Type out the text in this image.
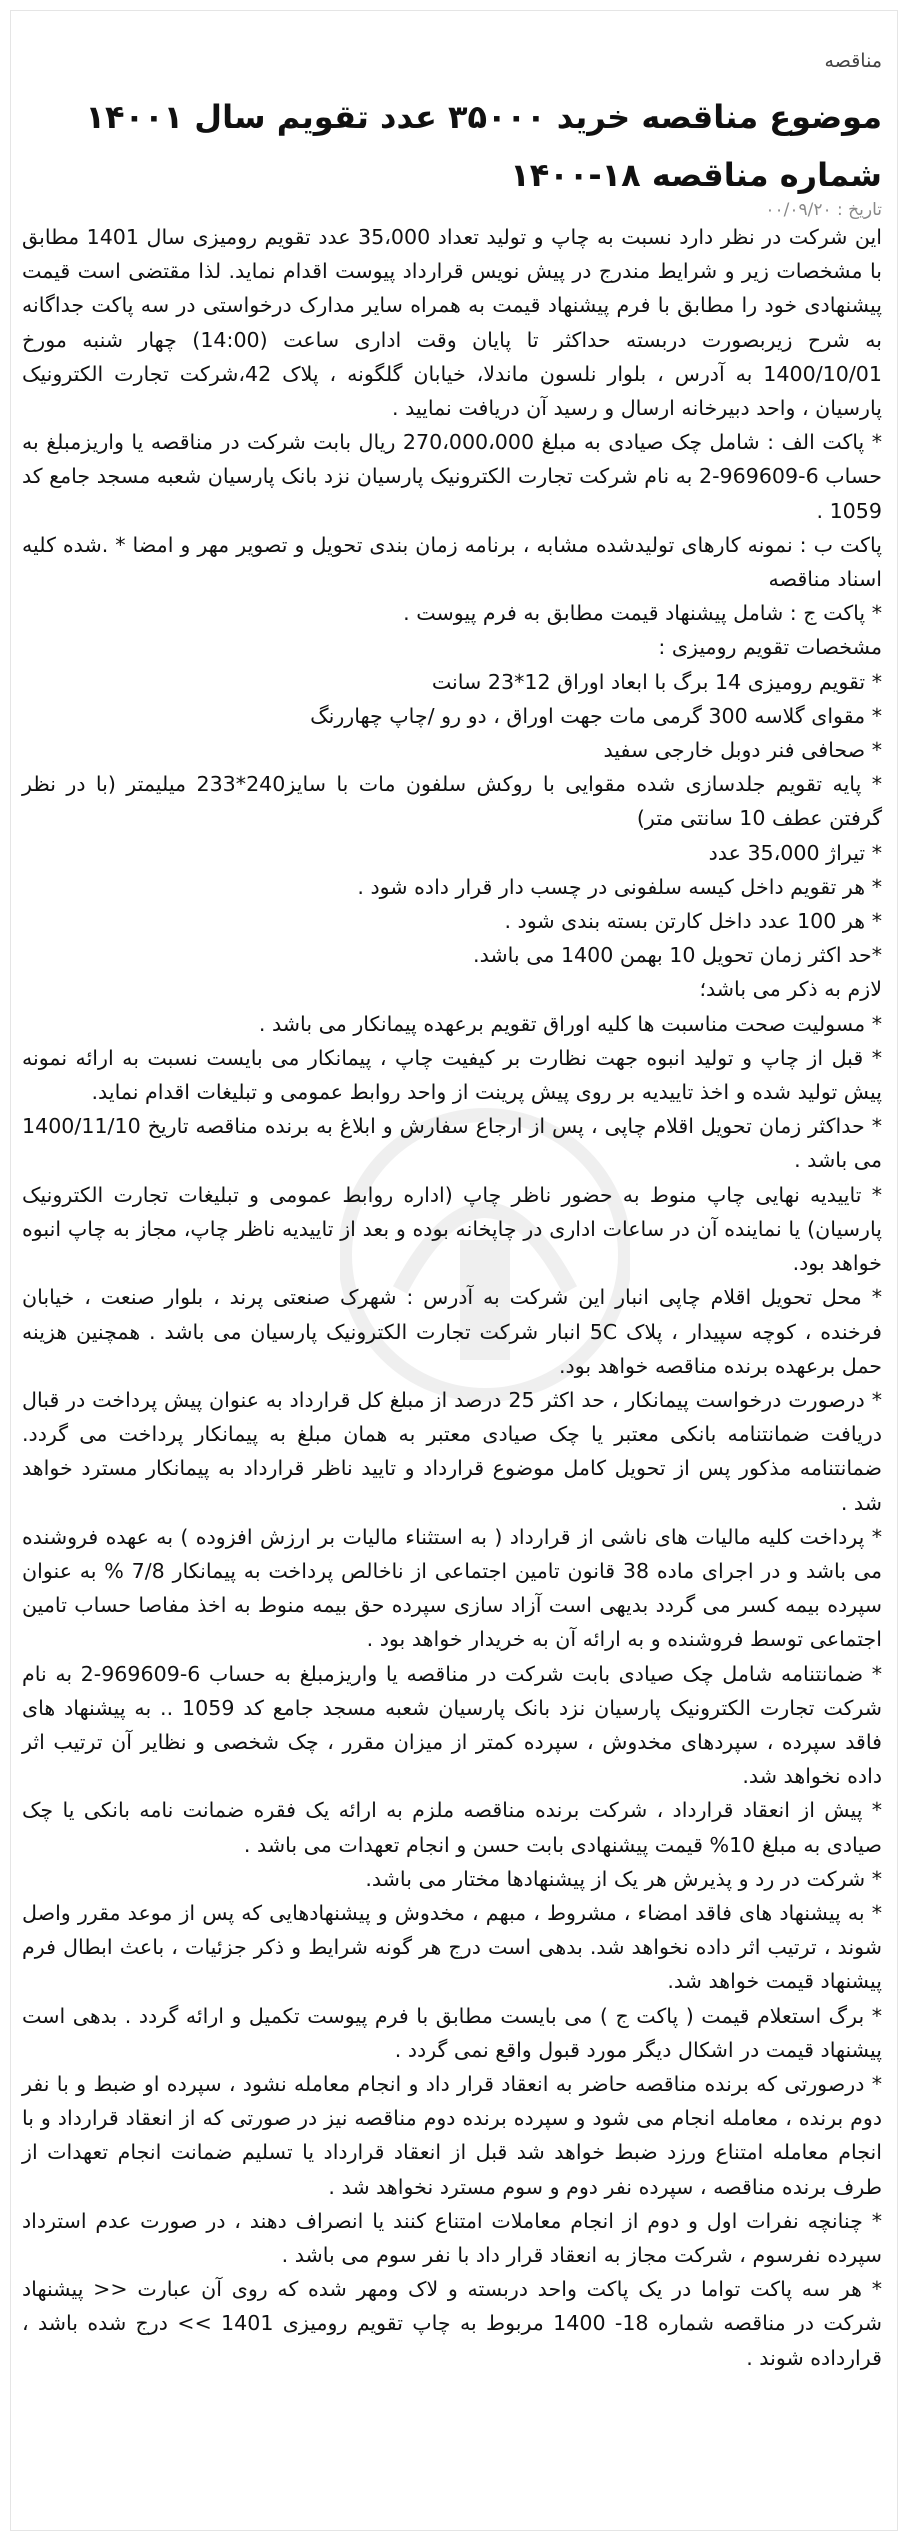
مناقصه
موضوع مناقصه خرید ۳۵۰۰۰ عدد تقویم سال ۱۴۰۰۱ شماره مناقصه ۱۸-۱۴۰۰
تاریخ : ۰۰/۰۹/۲۰

این شرکت در نظر دارد نسبت به چاپ و تولید تعداد 35،000 عدد تقویم رومیزی سال 1401 مطابق با مشخصات زیر و شرایط مندرج در پیش نویس قرارداد پیوست اقدام نماید. لذا مقتضی است قیمت پیشنهادی خود را مطابق با فرم پیشنهاد قیمت به همراه سایر مدارک درخواستی در سه پاکت جداگانه به شرح زیربصورت دربسته حداکثر تا پایان وقت اداری ساعت (14:00) چهار شنبه مورخ 1400/10/01 به آدرس ، بلوار نلسون ماندلا، خیابان گلگونه ، پلاک 42،شرکت تجارت الکترونیک پارسیان ، واحد دبیرخانه ارسال و رسید آن دریافت نمایید .

* پاکت الف : شامل چک صیادی به مبلغ 270،000،000 ریال بابت شرکت در مناقصه یا واریزمبلغ به حساب 6-969609-2 به نام شرکت تجارت الکترونیک پارسیان نزد بانک پارسیان شعبه مسجد جامع کد 1059 .

پاکت ب : نمونه کارهای تولیدشده مشابه ، برنامه زمان بندی تحویل و تصویر مهر و امضا * .شده کلیه اسناد مناقصه

* پاکت ج : شامل پیشنهاد قیمت مطابق به فرم پیوست .

مشخصات تقویم رومیزی :

* تقویم رومیزی 14 برگ با ابعاد اوراق 12*23 سانت

* مقوای گلاسه 300 گرمی مات جهت اوراق ، دو رو /چاپ چهاررنگ

* صحافی فنر دوبل خارجی سفید

* پایه تقویم جلدسازی شده مقوایی با روکش سلفون مات با سایز240*233 میلیمتر (با در نظر گرفتن عطف 10 سانتی متر)

* تیراژ 35،000 عدد

* هر تقویم داخل کیسه سلفونی در چسب دار قرار داده شود .

* هر 100 عدد داخل کارتن بسته بندی شود .

*حد اکثر زمان تحویل 10 بهمن 1400 می باشد.

لازم به ذکر می باشد؛

* مسولیت صحت مناسبت ها کلیه اوراق تقویم برعهده پیمانکار می باشد .

* قبل از چاپ و تولید انبوه جهت نظارت بر کیفیت چاپ ، پیمانکار می بایست نسبت به ارائه نمونه پیش تولید شده و اخذ تاییدیه بر روی پیش پرینت از واحد روابط عمومی و تبلیغات اقدام نماید.

* حداکثر زمان تحویل اقلام چاپی ، پس از ارجاع سفارش و ابلاغ به برنده مناقصه تاریخ 1400/11/10 می باشد .

* تاییدیه نهایی چاپ منوط به حضور ناظر چاپ (اداره روابط عمومی و تبلیغات تجارت الکترونیک پارسیان) یا نماینده آن در ساعات اداری در چاپخانه بوده و بعد از تاییدیه ناظر چاپ، مجاز به چاپ انبوه خواهد بود.

* محل تحویل اقلام چاپی انبار این شرکت به آدرس : شهرک صنعتی پرند ، بلوار صنعت ، خیابان فرخنده ، کوچه سپیدار ، پلاک 5C انبار شرکت تجارت الکترونیک پارسیان می باشد . همچنین هزینه حمل برعهده برنده مناقصه خواهد بود.

* درصورت درخواست پیمانکار ، حد اکثر 25 درصد از مبلغ کل قرارداد به عنوان پیش پرداخت در قبال دریافت ضمانتنامه بانکی معتبر یا چک صیادی معتبر به همان مبلغ به پیمانکار پرداخت می گردد. ضمانتنامه مذکور پس از تحویل کامل موضوع قرارداد و تایید ناظر قرارداد به پیمانکار مسترد خواهد شد .

* پرداخت کلیه مالیات های ناشی از قرارداد ( به استثناء مالیات بر ارزش افزوده ) به عهده فروشنده می باشد و در اجرای ماده 38 قانون تامین اجتماعی از ناخالص پرداخت به پیمانکار 7/8 % به عنوان سپرده بیمه کسر می گردد بدیهی است آزاد سازی سپرده حق بیمه منوط به اخذ مفاصا حساب تامین اجتماعی توسط فروشنده و به ارائه آن به خریدار خواهد بود .

* ضمانتنامه شامل چک صیادی بابت شرکت در مناقصه یا واریزمبلغ به حساب 6-969609-2 به نام شرکت تجارت الکترونیک پارسیان نزد بانک پارسیان شعبه مسجد جامع کد 1059 .. به پیشنهاد های فاقد سپرده ، سپردهای مخدوش ، سپرده کمتر از میزان مقرر ، چک شخصی و نظایر آن ترتیب اثر داده نخواهد شد.

* پیش از انعقاد قرارداد ، شرکت برنده مناقصه ملزم به ارائه یک فقره ضمانت نامه بانکی یا چک صیادی به مبلغ 10% قیمت پیشنهادی بابت حسن و انجام تعهدات می باشد .

* شرکت در رد و پذیرش هر یک از پیشنهادها مختار می باشد.

* به پیشنهاد های فاقد امضاء ، مشروط ، مبهم ، مخدوش و پیشنهادهایی که پس از موعد مقرر واصل شوند ، ترتیب اثر داده نخواهد شد. بدهی است درج هر گونه شرایط و ذکر جزئیات ، باعث ابطال فرم پیشنهاد قیمت خواهد شد.

* برگ استعلام قیمت ( پاکت ج ) می بایست مطابق با فرم پیوست تکمیل و ارائه گردد . بدهی است پیشنهاد قیمت در اشکال دیگر مورد قبول واقع نمی گردد .

* درصورتی که برنده مناقصه حاضر به انعقاد قرار داد و انجام معامله نشود ، سپرده او ضبط و با نفر دوم برنده ، معامله انجام می شود و سپرده برنده دوم مناقصه نیز در صورتی که از انعقاد قرارداد و با انجام معامله امتناع ورزد ضبط خواهد شد قبل از انعقاد قرارداد یا تسلیم ضمانت انجام تعهدات از طرف برنده مناقصه ، سپرده نفر دوم و سوم مسترد نخواهد شد .

* چنانچه نفرات اول و دوم از انجام معاملات امتناع کنند یا انصراف دهند ، در صورت عدم استرداد سپرده نفرسوم ، شرکت مجاز به انعقاد قرار داد با نفر سوم می باشد .

* هر سه پاکت تواما در یک پاکت واحد دربسته و لاک ومهر شده که روی آن عبارت << پیشنهاد شرکت در مناقصه شماره 18- 1400 مربوط به چاپ تقویم رومیزی 1401 >> درج شده باشد ، قرارداده شوند .
